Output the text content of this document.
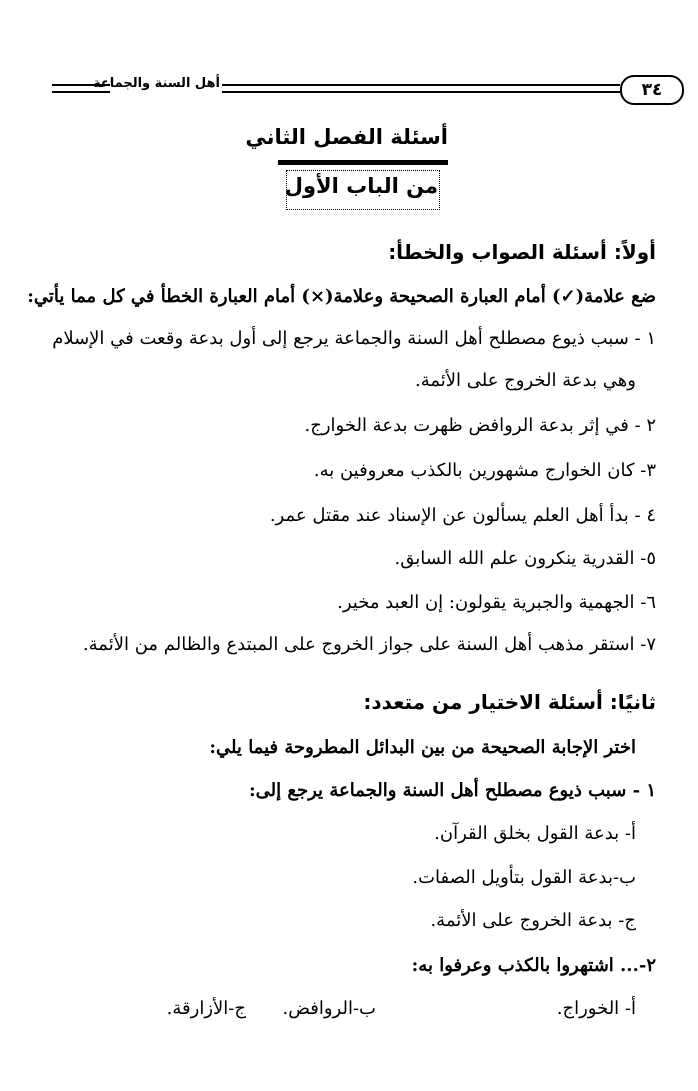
أهل السنة والجماعة	٣٤
أسئلة الفصل الثاني
من الباب الأول
أولاً: أسئلة الصواب والخطأ:
ضع علامة(✓) أمام العبارة الصحيحة وعلامة(×) أمام العبارة الخطأ في كل مما يأتي:
١ - سبب ذيوع مصطلح أهل السنة والجماعة يرجع إلى أول بدعة وقعت في الإسلام
وهي بدعة الخروج على الأئمة.
٢ - في إثر بدعة الروافض ظهرت بدعة الخوارج.
٣- كان الخوارج مشهورين بالكذب معروفين به.
٤ - بدأ أهل العلم يسألون عن الإسناد عند مقتل عمر.
٥- القدرية ينكرون علم الله السابق.
٦- الجهمية والجبرية يقولون: إن العبد مخير.
٧- استقر مذهب أهل السنة على جواز الخروج على المبتدع والظالم من الأئمة.
ثانيًا: أسئلة الاختيار من متعدد:
اختر الإجابة الصحيحة من بين البدائل المطروحة فيما يلي:
١ - سبب ذيوع مصطلح أهل السنة والجماعة يرجع إلى:
أ- بدعة القول بخلق القرآن.
ب-بدعة القول بتأويل الصفات.
ج- بدعة الخروج على الأئمة.
٢-... اشتهروا بالكذب وعرفوا به:
أ- الخوراج.
ب-الروافض.
ج-الأزارقة.
